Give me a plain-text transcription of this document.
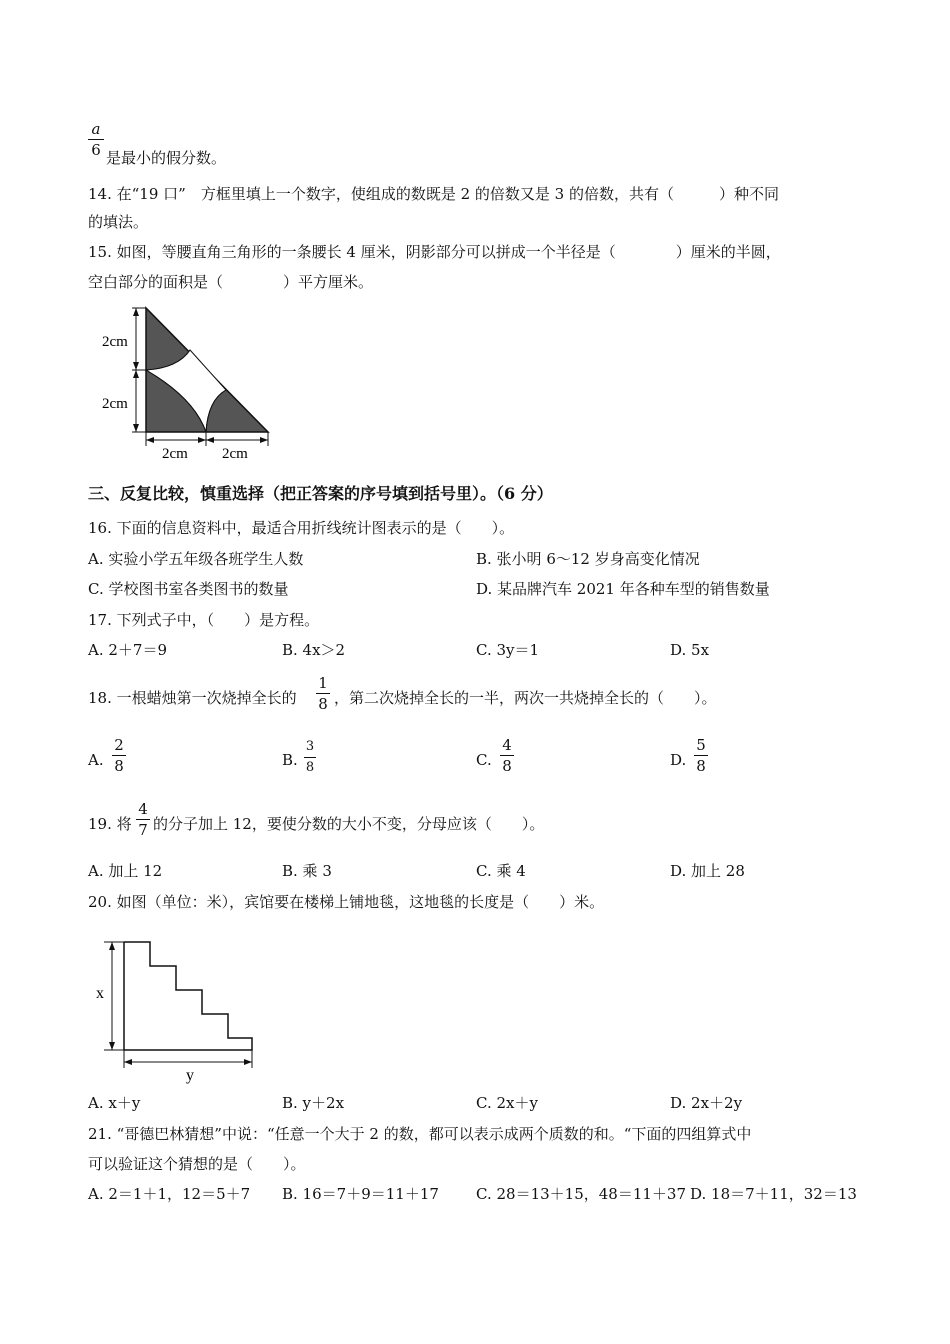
a
6 是最小的假分数。
14. 在“19 口”　方框里填上一个数字，使组成的数既是 2 的倍数又是 3 的倍数，共有（　　　）种不同
的填法。
15. 如图，等腰直角三角形的一条腰长 4 厘米，阴影部分可以拼成一个半径是（　　　　）厘米的半圆，
空白部分的面积是（　　　　）平方厘米。
2cm
2cm
2cm 2cm
三、反复比较，慎重选择（把正答案的序号填到括号里）。（6 分）
16. 下面的信息资料中，最适合用折线统计图表示的是（　　）。
A. 实验小学五年级各班学生人数	B. 张小明 6～12 岁身高变化情况
C. 学校图书室各类图书的数量	D. 某品牌汽车 2021 年各种车型的销售数量
17. 下列式子中，（　　）是方程。
A. 2＋7＝9	B. 4x＞2	C. 3y＝1	D. 5x
18. 一根蜡烛第一次烧掉全长的
1
8 ，第二次烧掉全长的一半，两次一共烧掉全长的（　　）。
A.
2
8	B.
3
8	C.
4
8	D.
5
8
19. 将
4
7 的分子加上 12，要使分数的大小不变，分母应该（　　）。
A. 加上 12	B. 乘 3	C. 乘 4	D. 加上 28
20. 如图（单位：米），宾馆要在楼梯上铺地毯，这地毯的长度是（　　）米。
x
y
A. x＋y	B. y＋2x	C. 2x＋y	D. 2x＋2y
21. “哥德巴林猜想”中说：“任意一个大于 2 的数，都可以表示成两个质数的和。“下面的四组算式中
可以验证这个猜想的是（　　）。
A. 2＝1＋1，12＝5＋7 B. 16＝7＋9＝11＋17 C. 28＝13＋15，48＝11＋37 D. 18＝7＋11，32＝13
